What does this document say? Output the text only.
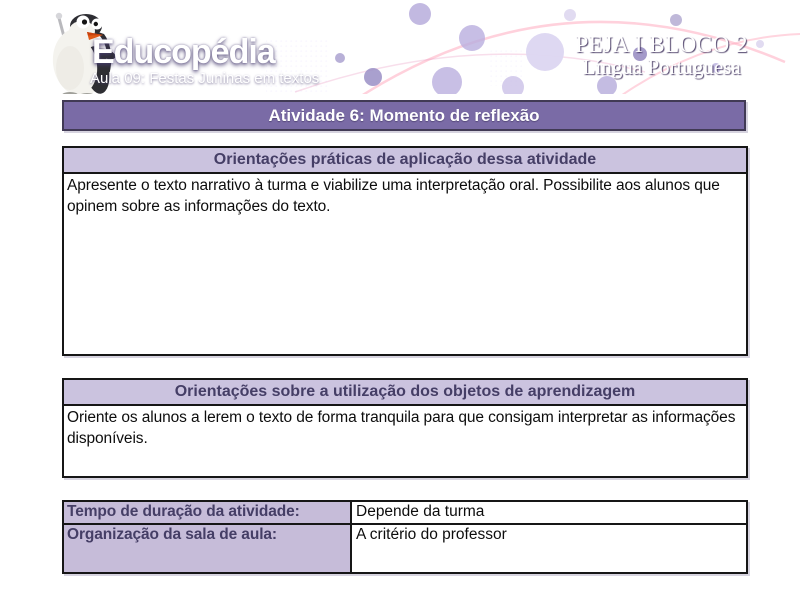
Educopédia
Aula 09: Festas Juninas em textos
PEJA I BLOCO 2
Língua Portuguesa
Atividade 6: Momento de reflexão
Orientações práticas de aplicação dessa atividade
Apresente o texto narrativo à turma e viabilize uma interpretação oral. Possibilite aos alunos que opinem sobre as informações do texto.
Orientações sobre a utilização dos objetos de aprendizagem
Oriente os alunos a lerem o texto de forma tranquila para que consigam interpretar as informações disponíveis.
Tempo de duração da atividade:	Depende da turma
Organização da sala de aula:	A critério do professor
